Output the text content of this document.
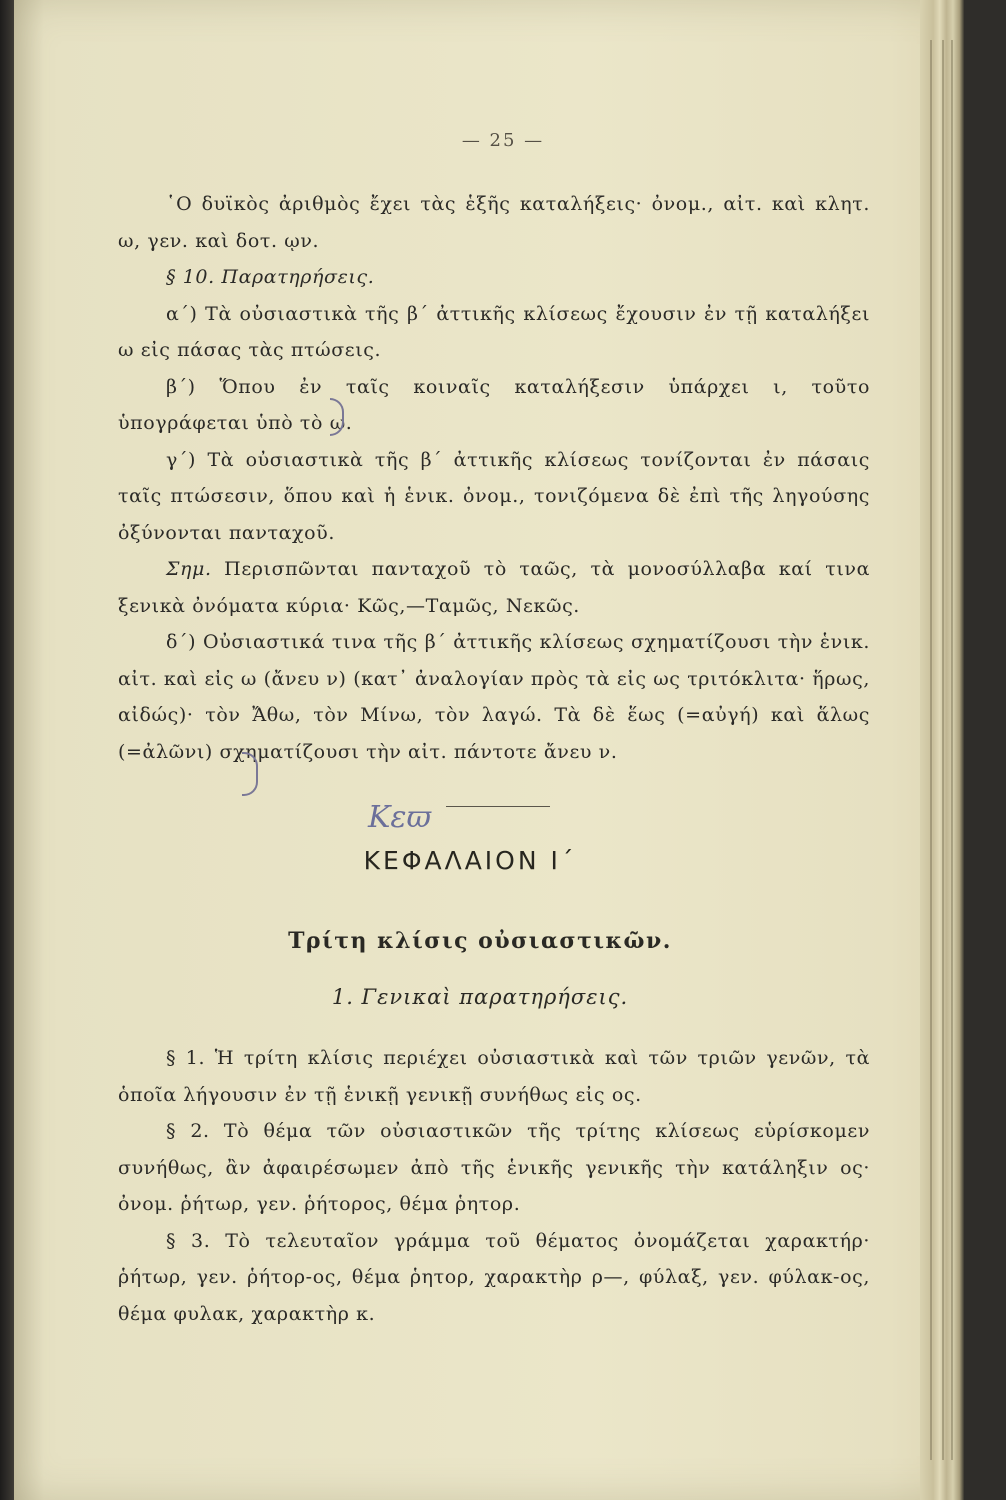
— 25 —

῾Ο δυϊκὸς ἀριθμὸς ἔχει τὰς ἑξῆς καταλήξεις· ὀνομ., αἰτ. καὶ κλητ. ω, γεν. καὶ δοτ. ῳν.

§ 10. Παρατηρήσεις.

α΄) Τὰ οὐσιαστικὰ τῆς β΄ ἀττικῆς κλίσεως ἔχουσιν ἐν τῇ καταλήξει ω εἰς πάσας τὰς πτώσεις.

β΄) Ὅπου ἐν ταῖς κοιναῖς καταλήξεσιν ὑπάρχει ι, τοῦτο ὑπογράφεται ὑπὸ τὸ ω.

γ΄) Τὰ οὐσιαστικὰ τῆς β΄ ἀττικῆς κλίσεως τονίζονται ἐν πάσαις ταῖς πτώσεσιν, ὅπου καὶ ἡ ἑνικ. ὀνομ., τονιζόμενα δὲ ἐπὶ τῆς ληγούσης ὀξύνονται πανταχοῦ.

Σημ. Περισπῶνται πανταχοῦ τὸ ταῶς, τὰ μονοσύλλαβα καί τινα ξενικὰ ὀνόματα κύρια· Κῶς,—Ταμῶς, Νεκῶς.

δ΄) Οὐσιαστικά τινα τῆς β΄ ἀττικῆς κλίσεως σχηματίζουσι τὴν ἑνικ. αἰτ. καὶ εἰς ω (ἄνευ ν) (κατ᾽ ἀναλογίαν πρὸς τὰ εἰς ως τριτόκλιτα· ἥρως, αἰδώς)· τὸν Ἄθω, τὸν Μίνω, τὸν λαγώ. Τὰ δὲ ἕως (=αὐγή) καὶ ἅλως (=ἀλῶνι) σχηματίζουσι τὴν αἰτ. πάντοτε ἄνευ ν.

Κεϖ
ΚΕΦΑΛΑΙΟΝ Ι΄
Τρίτη κλίσις οὐσιαστικῶν.
1. Γενικαὶ παρατηρήσεις.

§ 1. Ἡ τρίτη κλίσις περιέχει οὐσιαστικὰ καὶ τῶν τριῶν γενῶν, τὰ ὁποῖα λήγουσιν ἐν τῇ ἑνικῇ γενικῇ συνήθως εἰς ος.

§ 2. Τὸ θέμα τῶν οὐσιαστικῶν τῆς τρίτης κλίσεως εὑρίσκομεν συνήθως, ἂν ἀφαιρέσωμεν ἀπὸ τῆς ἑνικῆς γενικῆς τὴν κατάληξιν ος· ὀνομ. ῥήτωρ, γεν. ῥήτορος, θέμα ῥητορ.

§ 3. Τὸ τελευταῖον γράμμα τοῦ θέματος ὀνομάζεται χαρακτήρ· ῥήτωρ, γεν. ῥήτορ-ος, θέμα ῥητορ, χαρακτὴρ ρ—, φύλαξ, γεν. φύλακ-ος, θέμα φυλακ, χαρακτὴρ κ.
